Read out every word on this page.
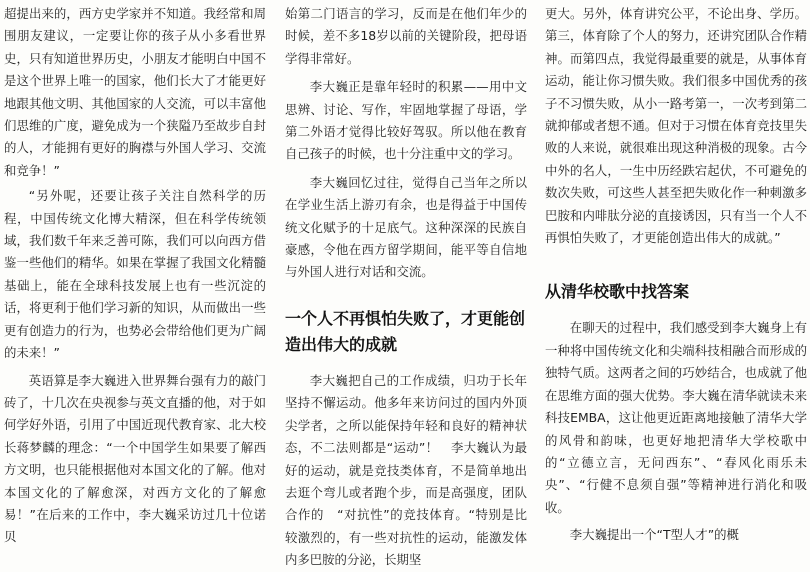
超提出来的，西方史学家并不知道。我经常和周围朋友建议，一定要让你的孩子从小多看世界史，只有知道世界历史，小朋友才能明白中国不是这个世界上唯一的国家，他们长大了才能更好地跟其他文明、其他国家的人交流，可以丰富他们思维的广度，避免成为一个狭隘乃至故步自封的人，才能拥有更好的胸襟与外国人学习、交流和竞争！”

“另外呢，还要让孩子关注自然科学的历程，中国传统文化博大精深，但在科学传统领域，我们数千年来乏善可陈，我们可以向西方借鉴一些他们的精华。如果在掌握了我国文化精髓基础上，能在全球科技发展上也有一些沉淀的话，将更利于他们学习新的知识，从而做出一些更有创造力的行为，也势必会带给他们更为广阔的未来！”

英语算是李大巍进入世界舞台强有力的敲门砖了，十几次在央视参与英文直播的他，对于如何学好外语，引用了中国近现代教育家、北大校长蒋梦麟的理念：“一个中国学生如果要了解西方文明，也只能根据他对本国文化的了解。他对本国文化的了解愈深，对西方文化的了解愈易！”在后来的工作中，李大巍采访过几十位诺贝

始第二门语言的学习，反而是在他们年少的时候，差不多18岁以前的关键阶段，把母语学得非常好。

李大巍正是靠年轻时的积累——用中文思辨、讨论、写作，牢固地掌握了母语，学第二外语才觉得比较好驾驭。所以他在教育自己孩子的时候，也十分注重中文的学习。

李大巍回忆过往，觉得自己当年之所以在学业生活上游刃有余，也是得益于中国传统文化赋予的十足底气。这种深深的民族自豪感，令他在西方留学期间，能平等自信地与外国人进行对话和交流。

一个人不再惧怕失败了，才更能创造出伟大的成就

李大巍把自己的工作成绩，归功于长年坚持不懈运动。他多年来访问过的国内外顶尖学者，之所以能保持年轻和良好的精神状态，不二法则都是“运动”！　李大巍认为最好的运动，就是竞技类体育，不是简单地出去逛个弯儿或者跑个步，而是高强度，团队合作的　“对抗性”的竞技体育。“特别是比较激烈的，有一些对抗性的运动，能激发体内多巴胺的分泌，长期坚

更大。另外，体育讲究公平，不论出身、学历。第三，体育除了个人的努力，还讲究团队合作精神。而第四点，我觉得最重要的就是，从事体育运动，能让你习惯失败。我们很多中国优秀的孩子不习惯失败，从小一路考第一，一次考到第二就抑郁或者想不通。但对于习惯在体育竞技里失败的人来说，就很难出现这种消极的现象。古今中外的名人，一生中历经跌宕起伏，不可避免的数次失败，可这些人甚至把失败化作一种刺激多巴胺和内啡肽分泌的直接诱因，只有当一个人不再惧怕失败了，才更能创造出伟大的成就。”

从清华校歌中找答案

在聊天的过程中，我们感受到李大巍身上有一种将中国传统文化和尖端科技相融合而形成的独特气质。这两者之间的巧妙结合，也成就了他在思维方面的强大优势。李大巍在清华就读未来科技EMBA，这让他更近距离地接触了清华大学的风骨和韵味，也更好地把清华大学校歌中的“立德立言，无问西东”、“春风化雨乐未央”、“行健不息须自强”等精神进行消化和吸收。

李大巍提出一个“T型人才”的概
